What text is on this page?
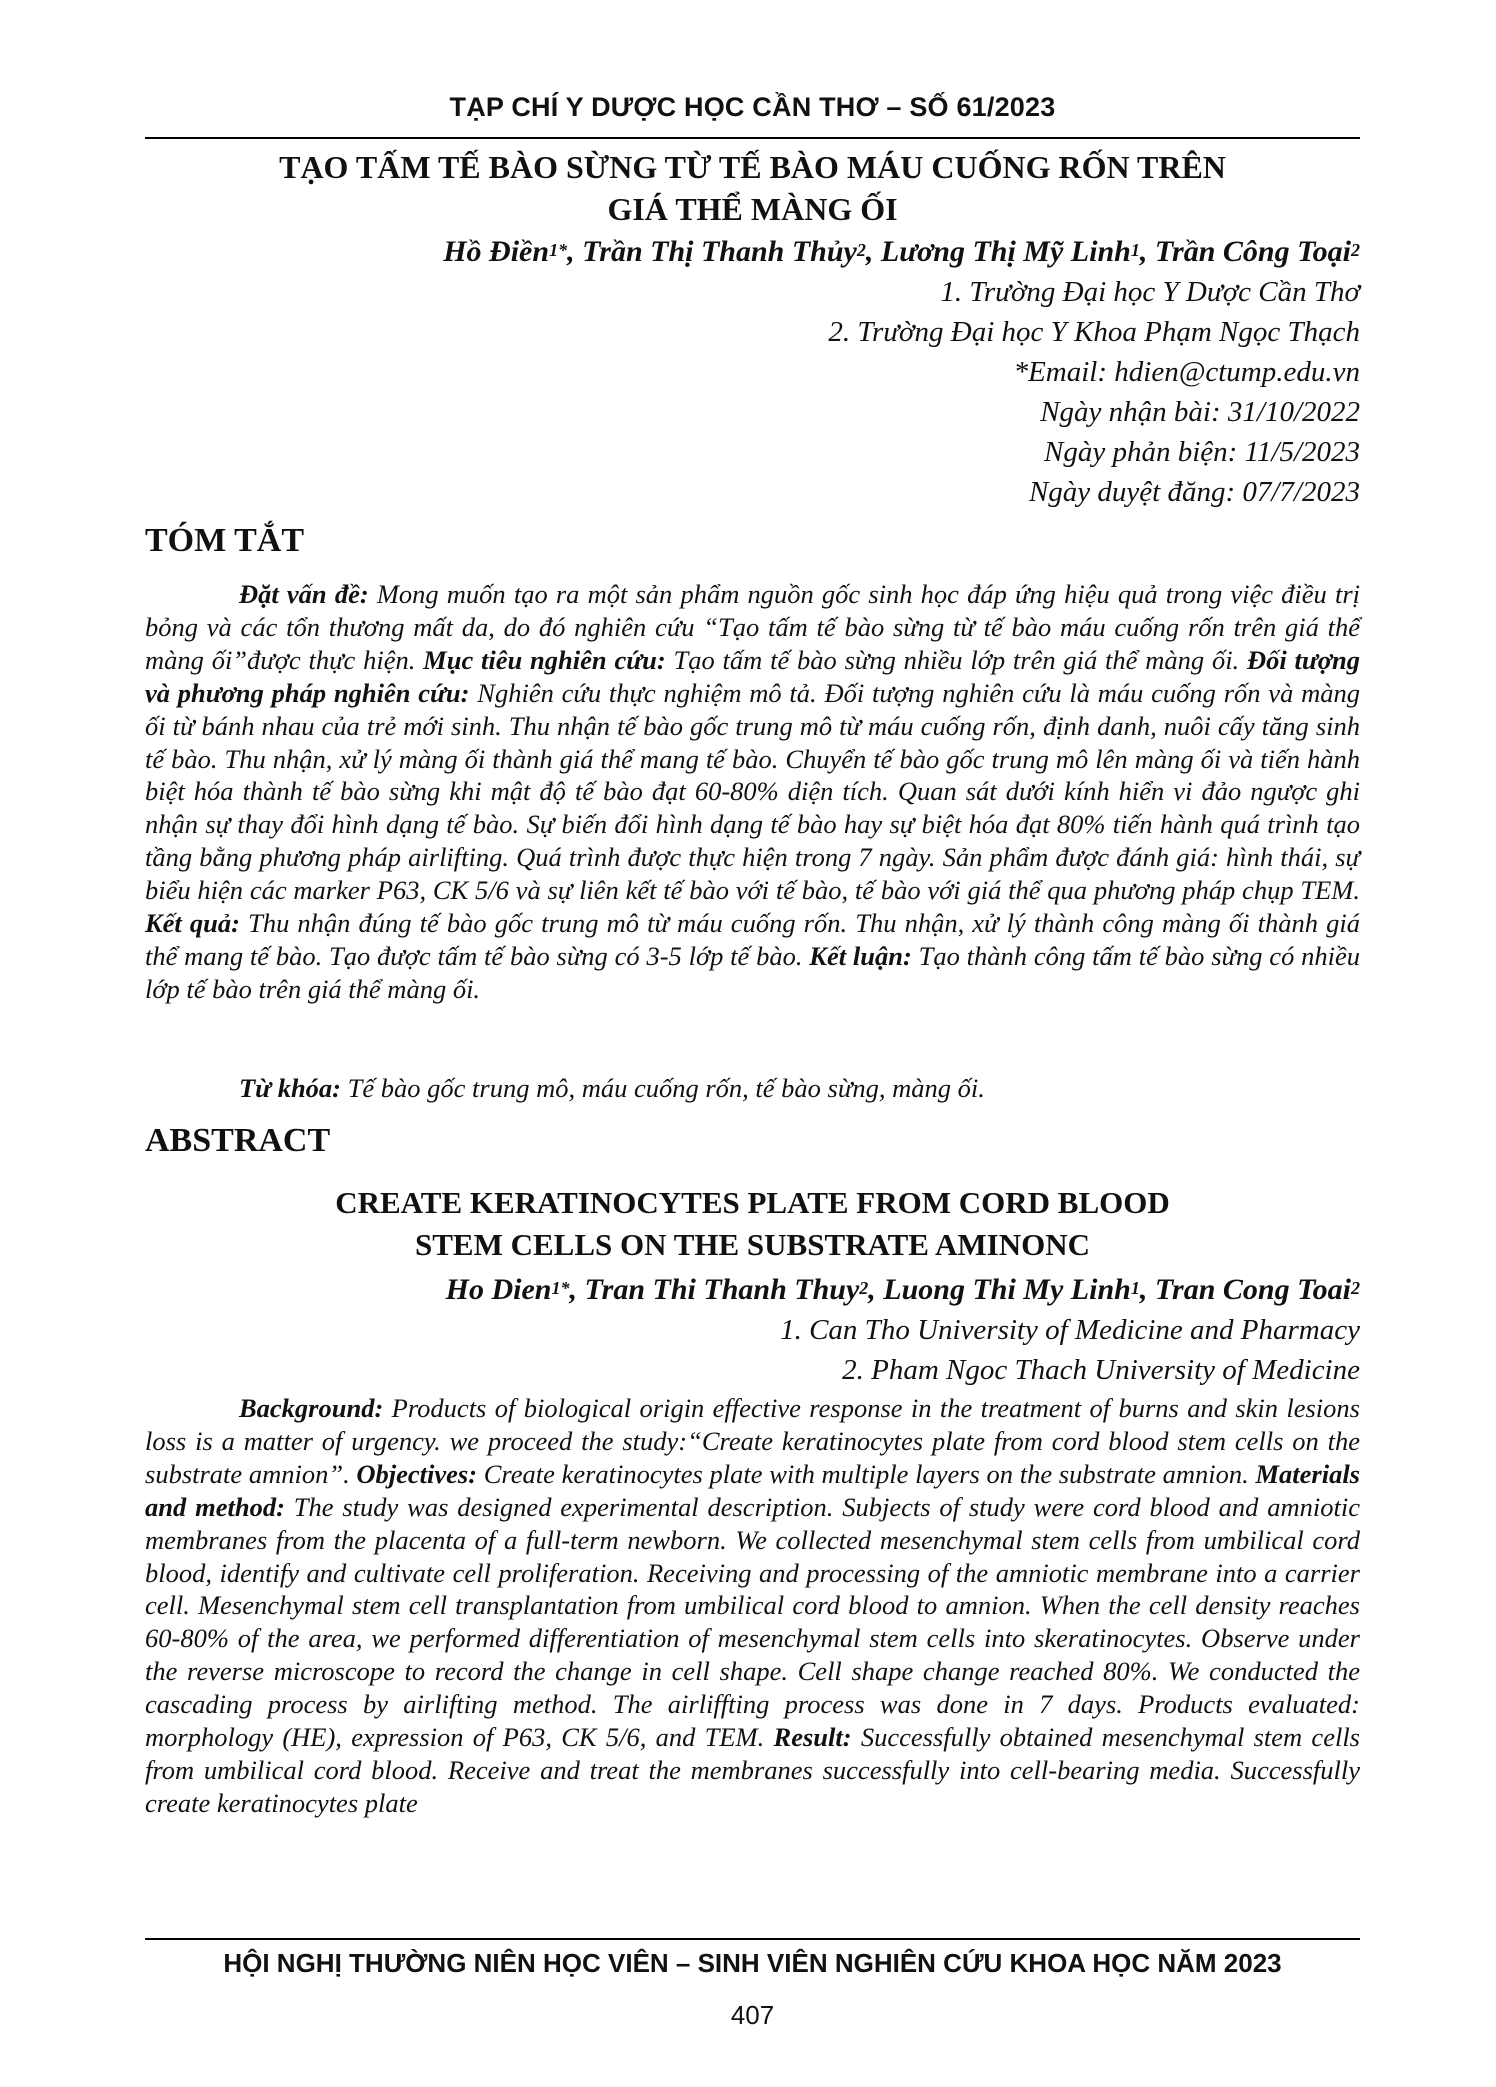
TẠP CHÍ Y DƯỢC HỌC CẦN THƠ – SỐ 61/2023
TẠO TẤM TẾ BÀO SỪNG TỪ TẾ BÀO MÁU CUỐNG RỐN TRÊN
GIÁ THỂ MÀNG ỐI
Hồ Điền$^{1*}$, Trần Thị Thanh Thủy$^2$, Lương Thị Mỹ Linh$^1$, Trần Công Toại$^2$
1. Trường Đại học Y Dược Cần Thơ
2. Trường Đại học Y Khoa Phạm Ngọc Thạch
*Email: hdien@ctump.edu.vn
Ngày nhận bài: 31/10/2022
Ngày phản biện: 11/5/2023
Ngày duyệt đăng: 07/7/2023
TÓM TẮT

Đặt vấn đề: Mong muốn tạo ra một sản phẩm nguồn gốc sinh học đáp ứng hiệu quả trong việc điều trị bỏng và các tổn thương mất da, do đó nghiên cứu “Tạo tấm tế bào sừng từ tế bào máu cuống rốn trên giá thể màng ối”được thực hiện. Mục tiêu nghiên cứu: Tạo tấm tế bào sừng nhiều lớp trên giá thể màng ối. Đối tượng và phương pháp nghiên cứu: Nghiên cứu thực nghiệm mô tả. Đối tượng nghiên cứu là máu cuống rốn và màng ối từ bánh nhau của trẻ mới sinh. Thu nhận tế bào gốc trung mô từ máu cuống rốn, định danh, nuôi cấy tăng sinh tế bào. Thu nhận, xử lý màng ối thành giá thể mang tế bào. Chuyển tế bào gốc trung mô lên màng ối và tiến hành biệt hóa thành tế bào sừng khi mật độ tế bào đạt 60-80% diện tích. Quan sát dưới kính hiển vi đảo ngược ghi nhận sự thay đổi hình dạng tế bào. Sự biến đổi hình dạng tế bào hay sự biệt hóa đạt 80% tiến hành quá trình tạo tầng bằng phương pháp airlifting. Quá trình được thực hiện trong 7 ngày. Sản phẩm được đánh giá: hình thái, sự biểu hiện các marker P63, CK 5/6 và sự liên kết tế bào với tế bào, tế bào với giá thể qua phương pháp chụp TEM. Kết quả: Thu nhận đúng tế bào gốc trung mô từ máu cuống rốn. Thu nhận, xử lý thành công màng ối thành giá thể mang tế bào. Tạo được tấm tế bào sừng có 3-5 lớp tế bào. Kết luận: Tạo thành công tấm tế bào sừng có nhiều lớp tế bào trên giá thể màng ối.

Từ khóa: Tế bào gốc trung mô, máu cuống rốn, tế bào sừng, màng ối.

ABSTRACT
CREATE KERATINOCYTES PLATE FROM CORD BLOOD
STEM CELLS ON THE SUBSTRATE AMINONC
Ho Dien$^{1*}$, Tran Thi Thanh Thuy$^2$, Luong Thi My Linh$^1$, Tran Cong Toai$^2$
1. Can Tho University of Medicine and Pharmacy
2. Pham Ngoc Thach University of Medicine

Background: Products of biological origin effective response in the treatment of burns and skin lesions loss is a matter of urgency. we proceed the study:“Create keratinocytes plate from cord blood stem cells on the substrate amnion”. Objectives: Create keratinocytes plate with multiple layers on the substrate amnion. Materials and method: The study was designed experimental description. Subjects of study were cord blood and amniotic membranes from the placenta of a full-term newborn. We collected mesenchymal stem cells from umbilical cord blood, identify and cultivate cell proliferation. Receiving and processing of the amniotic membrane into a carrier cell. Mesenchymal stem cell transplantation from umbilical cord blood to amnion. When the cell density reaches 60-80% of the area, we performed differentiation of mesenchymal stem cells into skeratinocytes. Observe under the reverse microscope to record the change in cell shape. Cell shape change reached 80%. We conducted the cascading process by airlifting method. The airliffting process was done in 7 days. Products evaluated: morphology (HE), expression of P63, CK 5/6, and TEM. Result: Successfully obtained mesenchymal stem cells from umbilical cord blood. Receive and treat the membranes successfully into cell-bearing media. Successfully create keratinocytes plate

HỘI NGHỊ THƯỜNG NIÊN HỌC VIÊN – SINH VIÊN NGHIÊN CỨU KHOA HỌC NĂM 2023
407
